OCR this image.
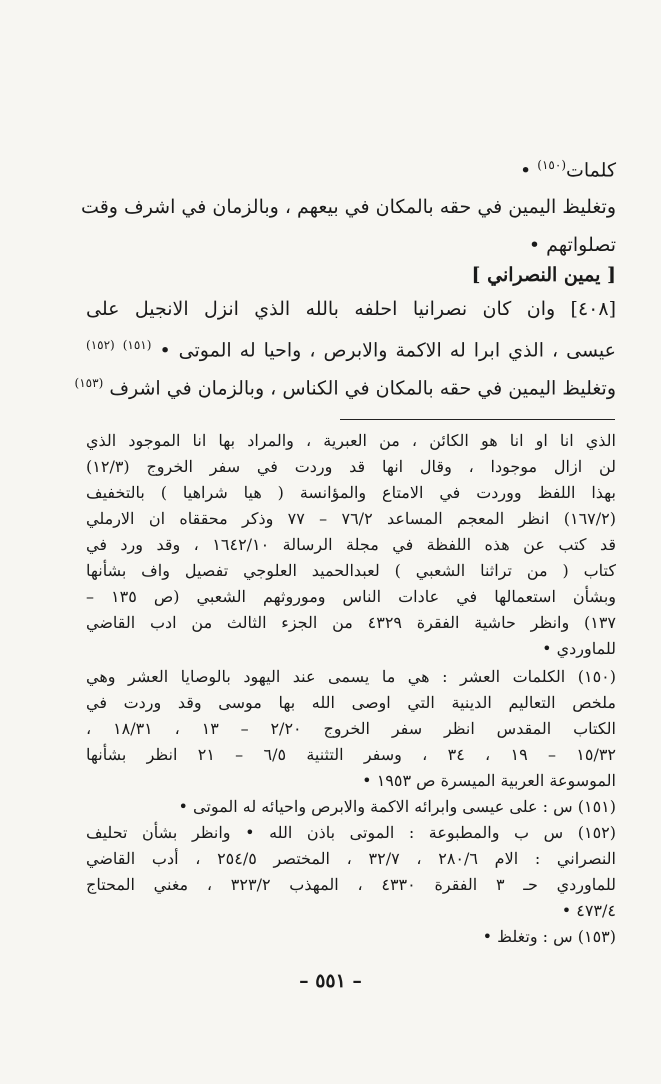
كلمات$^{(١٥٠)}$ •
وتغليظ اليمين في حقه بالمكان في بيعهم ، وبالزمان في اشرف وقت
تصلواتهم •
[ يمين النصراني ]
[٤٠٨] وان كان نصرانيا احلفه بالله الذي انزل الانجيل على
عيسى ، الذي ابرا له الاكمة والابرص ، واحيا له الموتى • $^{(١٥١)}$ $^{(١٥٢)}$
وتغليظ اليمين في حقه بالمكان في الكناس ، وبالزمان في اشرف $^{(١٥٣)}$
الذي انا او انا هو الكائن ، من العبرية ، والمراد بها انا الموجود الذي
لن ازال موجودا ، وقال انها قد وردت في سفر الخروج (١٢/٣)
بهذا اللفظ ووردت في الامتاع والمؤانسة ( هيا شراهيا ) بالتخفيف
(١٦٧/٢) انظر المعجم المساعد ٧٦/٢ – ٧٧ وذكر محققاه ان الارملي
قد كتب عن هذه اللفظة في مجلة الرسالة ١٦٤٢/١٠ ، وقد ورد في
كتاب ( من تراثنا الشعبي ) لعبدالحميد العلوجي تفصيل واف بشأنها
وبشأن استعمالها في عادات الناس وموروثهم الشعبي (ص ١٣٥ –
١٣٧) وانظر حاشية الفقرة ٤٣٢٩ من الجزء الثالث من ادب القاضي
للماوردي •
(١٥٠) الكلمات العشر : هي ما يسمى عند اليهود بالوصايا العشر وهي
ملخص التعاليم الدينية التي اوصى الله بها موسى وقد وردت في
الكتاب المقدس انظر سفر الخروج ٢/٢٠ – ١٣ ، ١٨/٣١ ،
١٥/٣٢ – ١٩ ، ٣٤ ، وسفر التثنية ٦/٥ – ٢١ انظر بشأنها
الموسوعة العربية الميسرة ص ١٩٥٣ •
(١٥١) س : على عيسى وابرائه الاكمة والابرص واحيائه له الموتى •
(١٥٢) س ب والمطبوعة : الموتى باذن الله • وانظر بشأن تحليف
النصراني : الام ٢٨٠/٦ ، ٣٢/٧ ، المختصر ٢٥٤/٥ ، أدب القاضي
للماوردي حـ ٣ الفقرة ٤٣٣٠ ، المهذب ٣٢٣/٢ ، مغني المحتاج
٤٧٣/٤ •
(١٥٣) س : وتغلظ •
– ٥٥١ –
